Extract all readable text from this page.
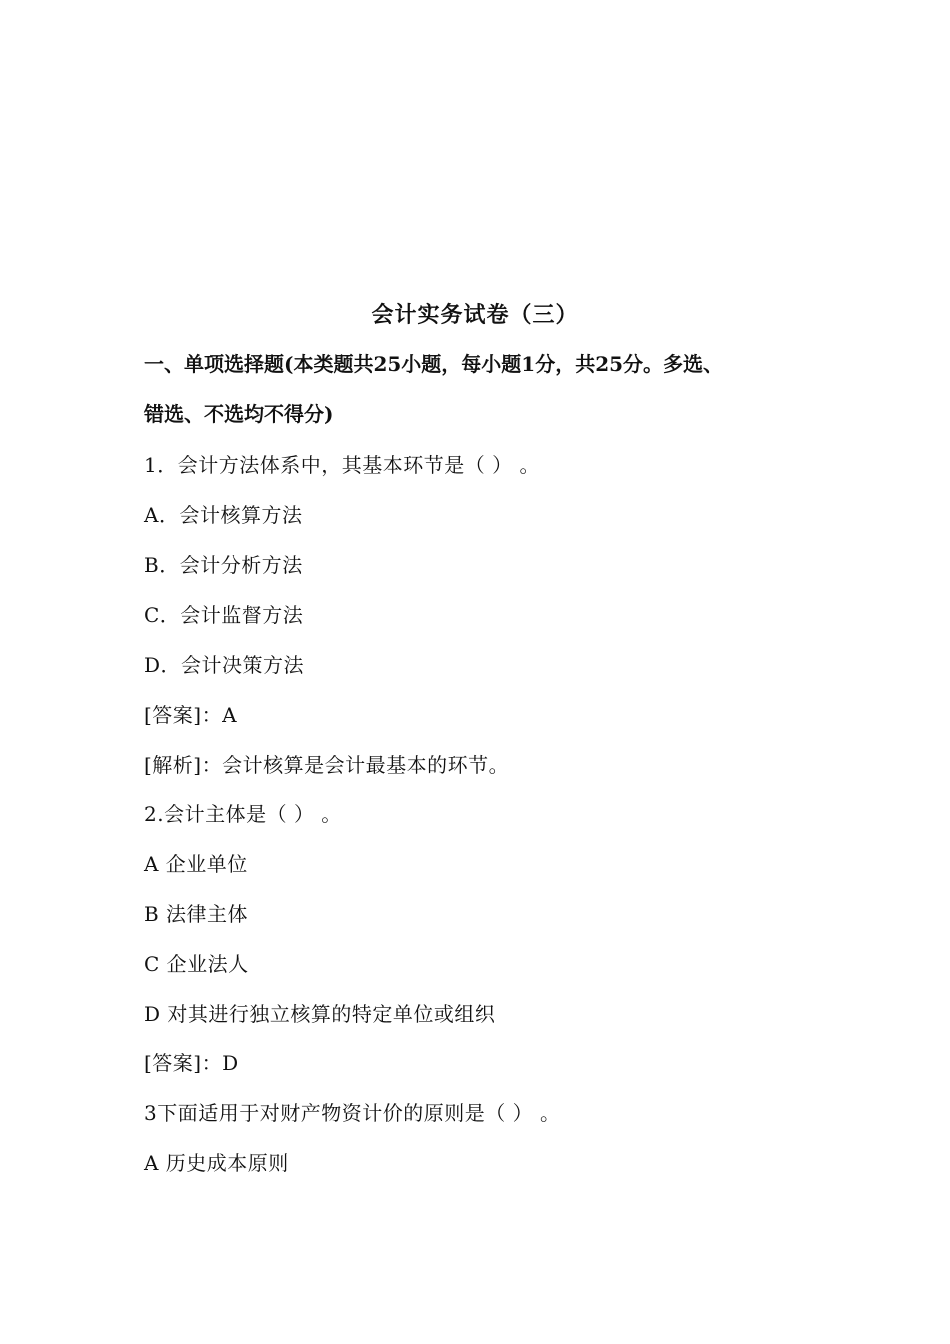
会计实务试卷（三）
一、单项选择题(本类题共25小题，每小题1分，共25分。多选、
错选、不选均不得分)
1．会计方法体系中，其基本环节是（ ） 。
A．会计核算方法
B．会计分析方法
C．会计监督方法
D．会计决策方法
[答案]：A
[解析]：会计核算是会计最基本的环节。
2.会计主体是（ ） 。
A 企业单位
B 法律主体
C 企业法人
D 对其进行独立核算的特定单位或组织
[答案]：D
3下面适用于对财产物资计价的原则是（ ） 。
A 历史成本原则
